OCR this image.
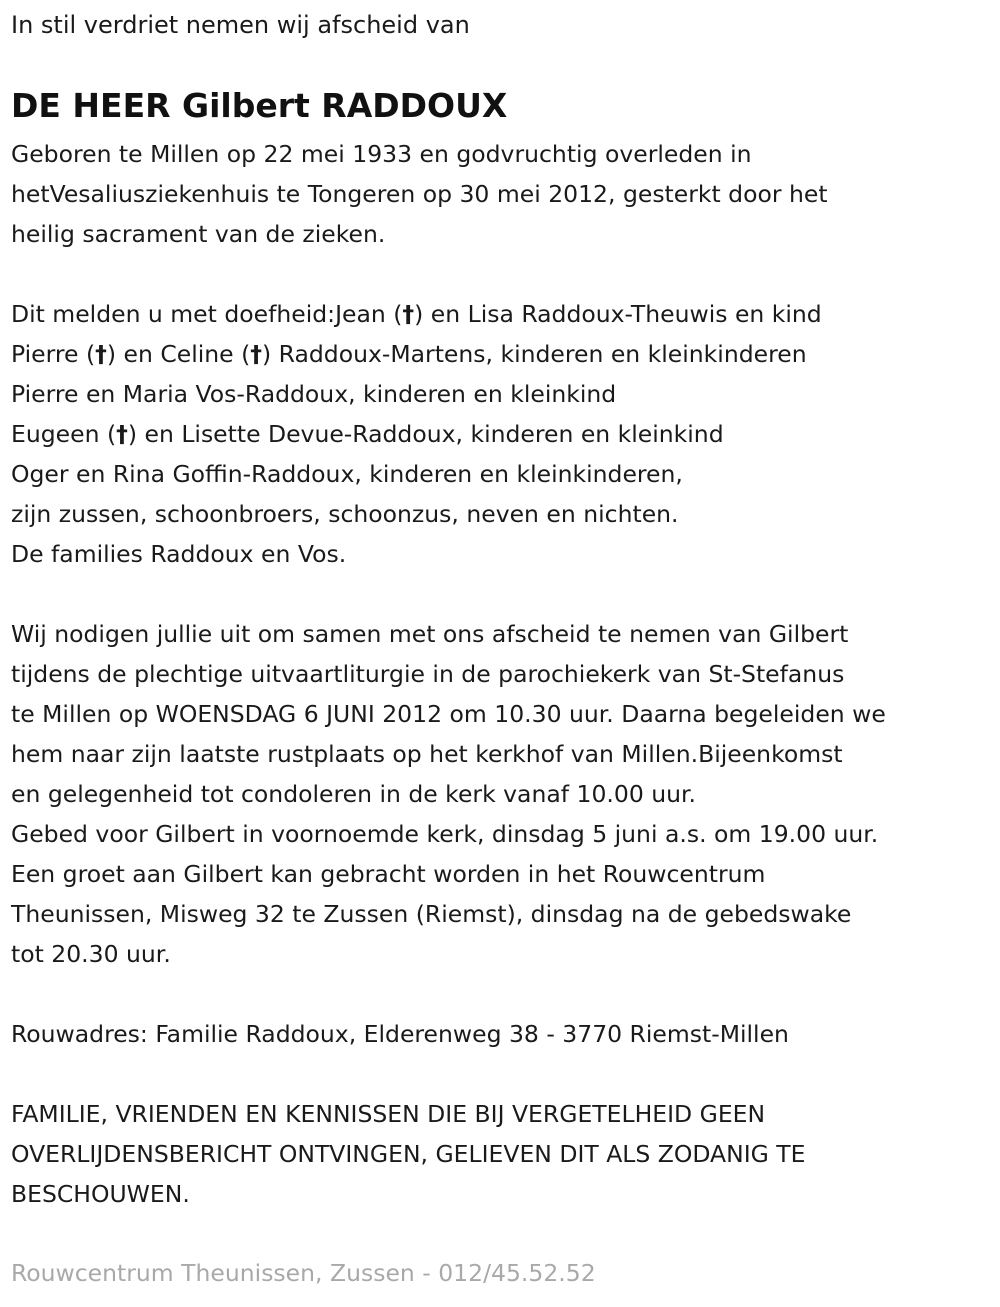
In stil verdriet nemen wij afscheid van
DE HEER Gilbert RADDOUX
Geboren te Millen op 22 mei 1933 en godvruchtig overleden in
hetVesaliusziekenhuis te Tongeren op 30 mei 2012, gesterkt door het
heilig sacrament van de zieken.
Dit melden u met doefheid:Jean (†) en Lisa Raddoux-Theuwis en kind
Pierre (†) en Celine (†) Raddoux-Martens, kinderen en kleinkinderen
Pierre en Maria Vos-Raddoux, kinderen en kleinkind
Eugeen (†) en Lisette Devue-Raddoux, kinderen en kleinkind
Oger en Rina Goffin-Raddoux, kinderen en kleinkinderen,
zijn zussen, schoonbroers, schoonzus, neven en nichten.
De families Raddoux en Vos.
Wij nodigen jullie uit om samen met ons afscheid te nemen van Gilbert
tijdens de plechtige uitvaartliturgie in de parochiekerk van St-Stefanus
te Millen op WOENSDAG 6 JUNI 2012 om 10.30 uur. Daarna begeleiden we
hem naar zijn laatste rustplaats op het kerkhof van Millen.Bijeenkomst
en gelegenheid tot condoleren in de kerk vanaf 10.00 uur.
Gebed voor Gilbert in voornoemde kerk, dinsdag 5 juni a.s. om 19.00 uur.
Een groet aan Gilbert kan gebracht worden in het Rouwcentrum
Theunissen, Misweg 32 te Zussen (Riemst), dinsdag na de gebedswake
tot 20.30 uur.
Rouwadres: Familie Raddoux, Elderenweg 38 - 3770 Riemst-Millen
FAMILIE, VRIENDEN EN KENNISSEN DIE BIJ VERGETELHEID GEEN
OVERLIJDENSBERICHT ONTVINGEN, GELIEVEN DIT ALS ZODANIG TE
BESCHOUWEN.
Rouwcentrum Theunissen, Zussen - 012/45.52.52
